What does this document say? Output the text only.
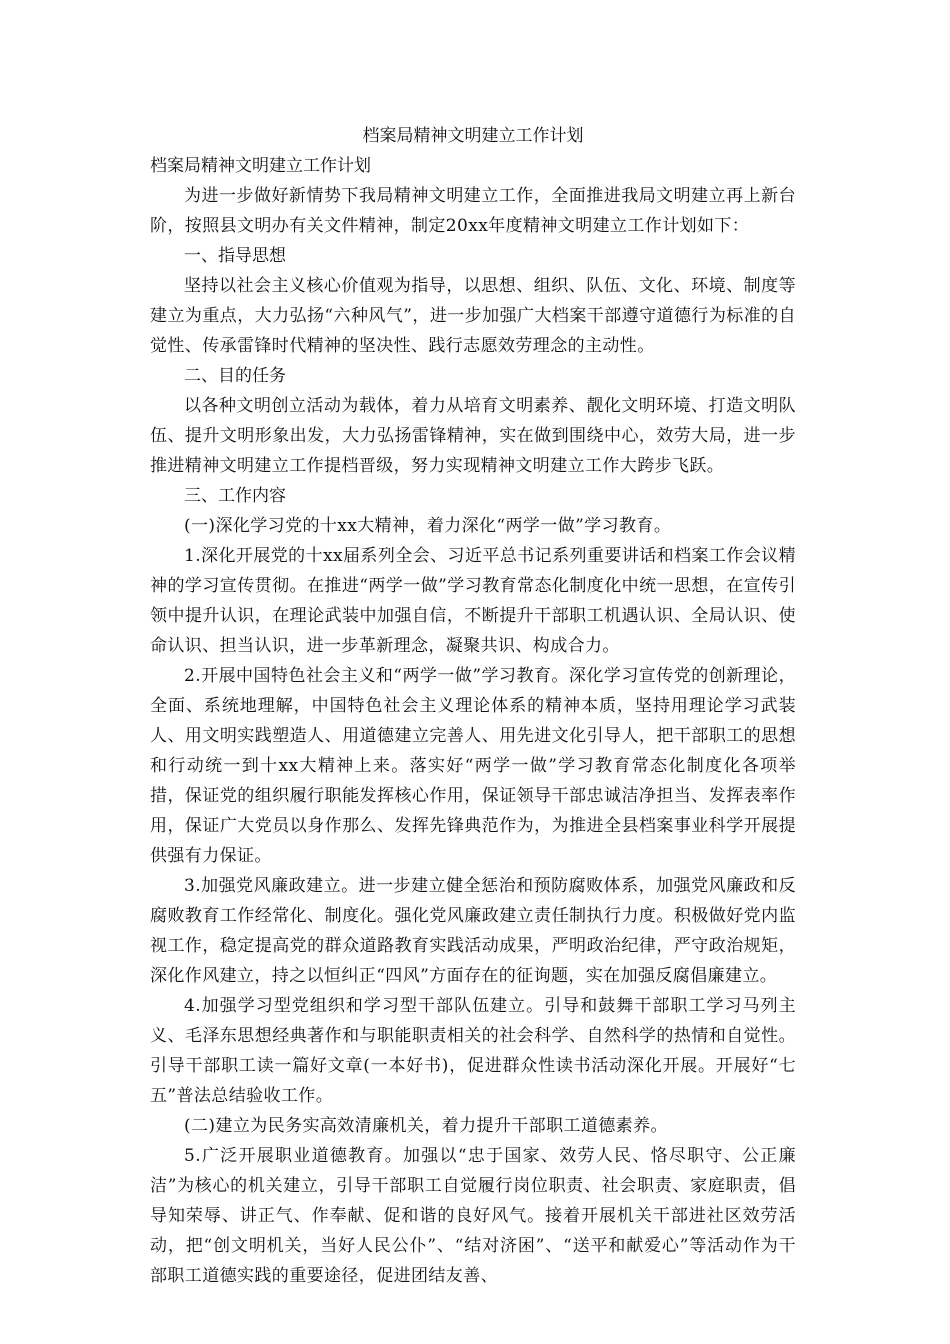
档案局精神文明建立工作计划
档案局精神文明建立工作计划

为进一步做好新情势下我局精神文明建立工作，全面推进我局文明建立再上新台阶，按照县文明办有关文件精神，制定20xx年度精神文明建立工作计划如下：

一、指导思想

坚持以社会主义核心价值观为指导，以思想、组织、队伍、文化、环境、制度等建立为重点，大力弘扬“六种风气”，进一步加强广大档案干部遵守道德行为标准的自觉性、传承雷锋时代精神的坚决性、践行志愿效劳理念的主动性。

二、目的任务

以各种文明创立活动为载体，着力从培育文明素养、靓化文明环境、打造文明队伍、提升文明形象出发，大力弘扬雷锋精神，实在做到围绕中心，效劳大局，进一步推进精神文明建立工作提档晋级，努力实现精神文明建立工作大跨步飞跃。

三、工作内容

(一)深化学习党的十xx大精神，着力深化“两学一做”学习教育。

1.深化开展党的十xx届系列全会、习近平总书记系列重要讲话和档案工作会议精神的学习宣传贯彻。在推进“两学一做”学习教育常态化制度化中统一思想，在宣传引领中提升认识，在理论武装中加强自信，不断提升干部职工机遇认识、全局认识、使命认识、担当认识，进一步革新理念，凝聚共识、构成合力。

2.开展中国特色社会主义和“两学一做”学习教育。深化学习宣传党的创新理论，全面、系统地理解，中国特色社会主义理论体系的精神本质，坚持用理论学习武装人、用文明实践塑造人、用道德建立完善人、用先进文化引导人，把干部职工的思想和行动统一到十xx大精神上来。落实好“两学一做”学习教育常态化制度化各项举措，保证党的组织履行职能发挥核心作用，保证领导干部忠诚洁净担当、发挥表率作用，保证广大党员以身作那么、发挥先锋典范作为，为推进全县档案事业科学开展提供强有力保证。

3.加强党风廉政建立。进一步建立健全惩治和预防腐败体系，加强党风廉政和反腐败教育工作经常化、制度化。强化党风廉政建立责任制执行力度。积极做好党内监视工作，稳定提高党的群众道路教育实践活动成果，严明政治纪律，严守政治规矩，深化作风建立，持之以恒纠正“四风”方面存在的征询题，实在加强反腐倡廉建立。

4.加强学习型党组织和学习型干部队伍建立。引导和鼓舞干部职工学习马列主义、毛泽东思想经典著作和与职能职责相关的社会科学、自然科学的热情和自觉性。引导干部职工读一篇好文章(一本好书)，促进群众性读书活动深化开展。开展好“七五”普法总结验收工作。

(二)建立为民务实高效清廉机关，着力提升干部职工道德素养。

5.广泛开展职业道德教育。加强以“忠于国家、效劳人民、恪尽职守、公正廉洁”为核心的机关建立，引导干部职工自觉履行岗位职责、社会职责、家庭职责，倡导知荣辱、讲正气、作奉献、促和谐的良好风气。接着开展机关干部进社区效劳活动，把“创文明机关，当好人民公仆”、“结对济困”、“送平和献爱心”等活动作为干部职工道德实践的重要途径，促进团结友善、
